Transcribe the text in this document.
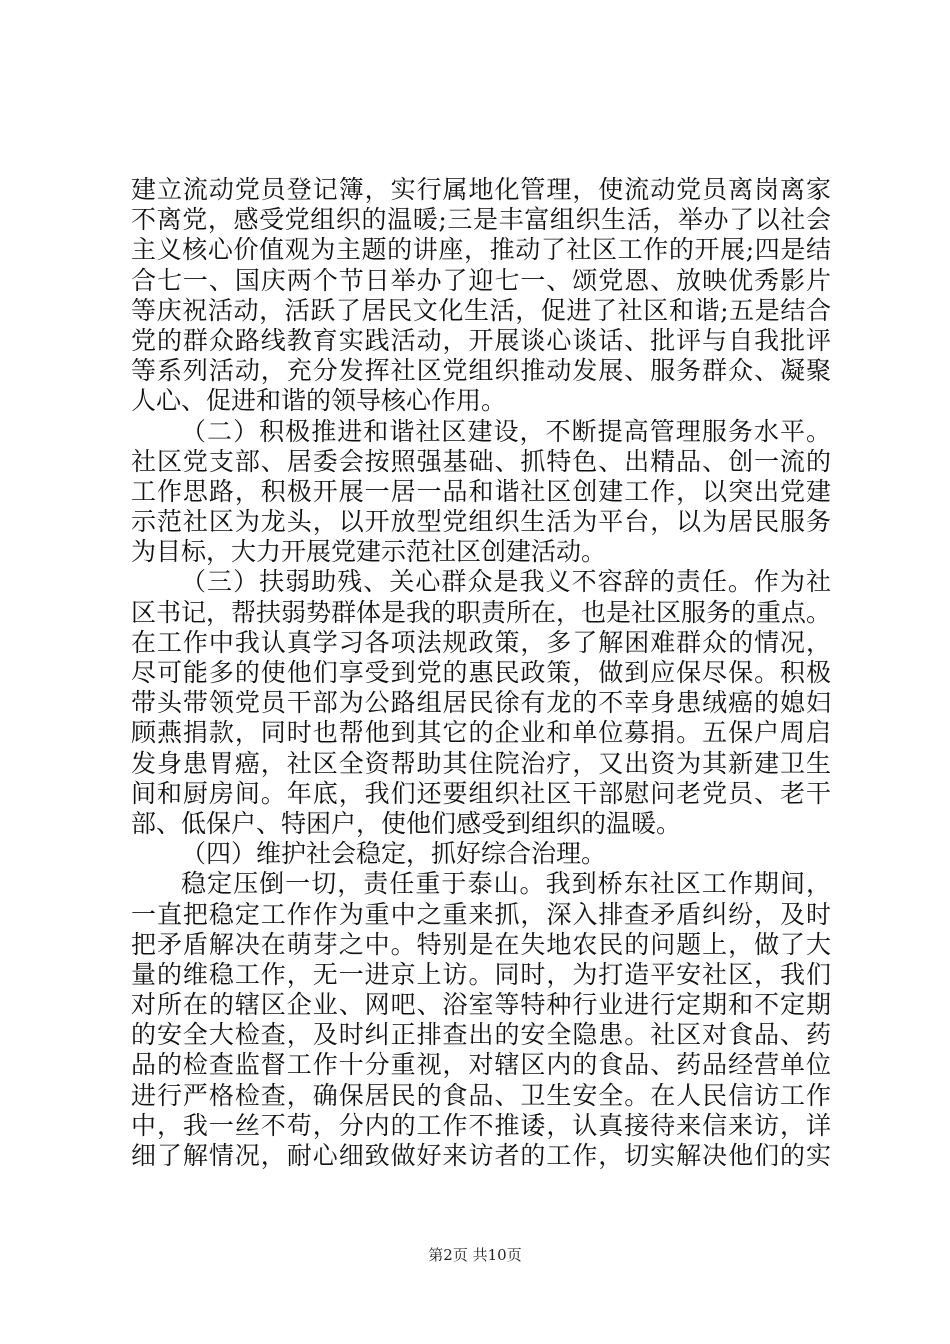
建立流动党员登记簿，实行属地化管理，使流动党员离岗离家
不离党，感受党组织的温暖;三是丰富组织生活，举办了以社会
主义核心价值观为主题的讲座，推动了社区工作的开展;四是结
合七一、国庆两个节日举办了迎七一、颂党恩、放映优秀影片
等庆祝活动，活跃了居民文化生活，促进了社区和谐;五是结合
党的群众路线教育实践活动，开展谈心谈话、批评与自我批评
等系列活动，充分发挥社区党组织推动发展、服务群众、凝聚
人心、促进和谐的领导核心作用。
（二）积极推进和谐社区建设，不断提高管理服务水平。
社区党支部、居委会按照强基础、抓特色、出精品、创一流的
工作思路，积极开展一居一品和谐社区创建工作，以突出党建
示范社区为龙头，以开放型党组织生活为平台，以为居民服务
为目标，大力开展党建示范社区创建活动。
（三）扶弱助残、关心群众是我义不容辞的责任。作为社
区书记，帮扶弱势群体是我的职责所在，也是社区服务的重点。
在工作中我认真学习各项法规政策，多了解困难群众的情况，
尽可能多的使他们享受到党的惠民政策，做到应保尽保。积极
带头带领党员干部为公路组居民徐有龙的不幸身患绒癌的媳妇
顾燕捐款，同时也帮他到其它的企业和单位募捐。五保户周启
发身患胃癌，社区全资帮助其住院治疗，又出资为其新建卫生
间和厨房间。年底，我们还要组织社区干部慰问老党员、老干
部、低保户、特困户，使他们感受到组织的温暖。
（四）维护社会稳定，抓好综合治理。
稳定压倒一切，责任重于泰山。我到桥东社区工作期间，
一直把稳定工作作为重中之重来抓，深入排查矛盾纠纷，及时
把矛盾解决在萌芽之中。特别是在失地农民的问题上，做了大
量的维稳工作，无一进京上访。同时，为打造平安社区，我们
对所在的辖区企业、网吧、浴室等特种行业进行定期和不定期
的安全大检查，及时纠正排查出的安全隐患。社区对食品、药
品的检查监督工作十分重视，对辖区内的食品、药品经营单位
进行严格检查，确保居民的食品、卫生安全。在人民信访工作
中，我一丝不苟，分内的工作不推诿，认真接待来信来访，详
细了解情况，耐心细致做好来访者的工作，切实解决他们的实
第2页 共10页
